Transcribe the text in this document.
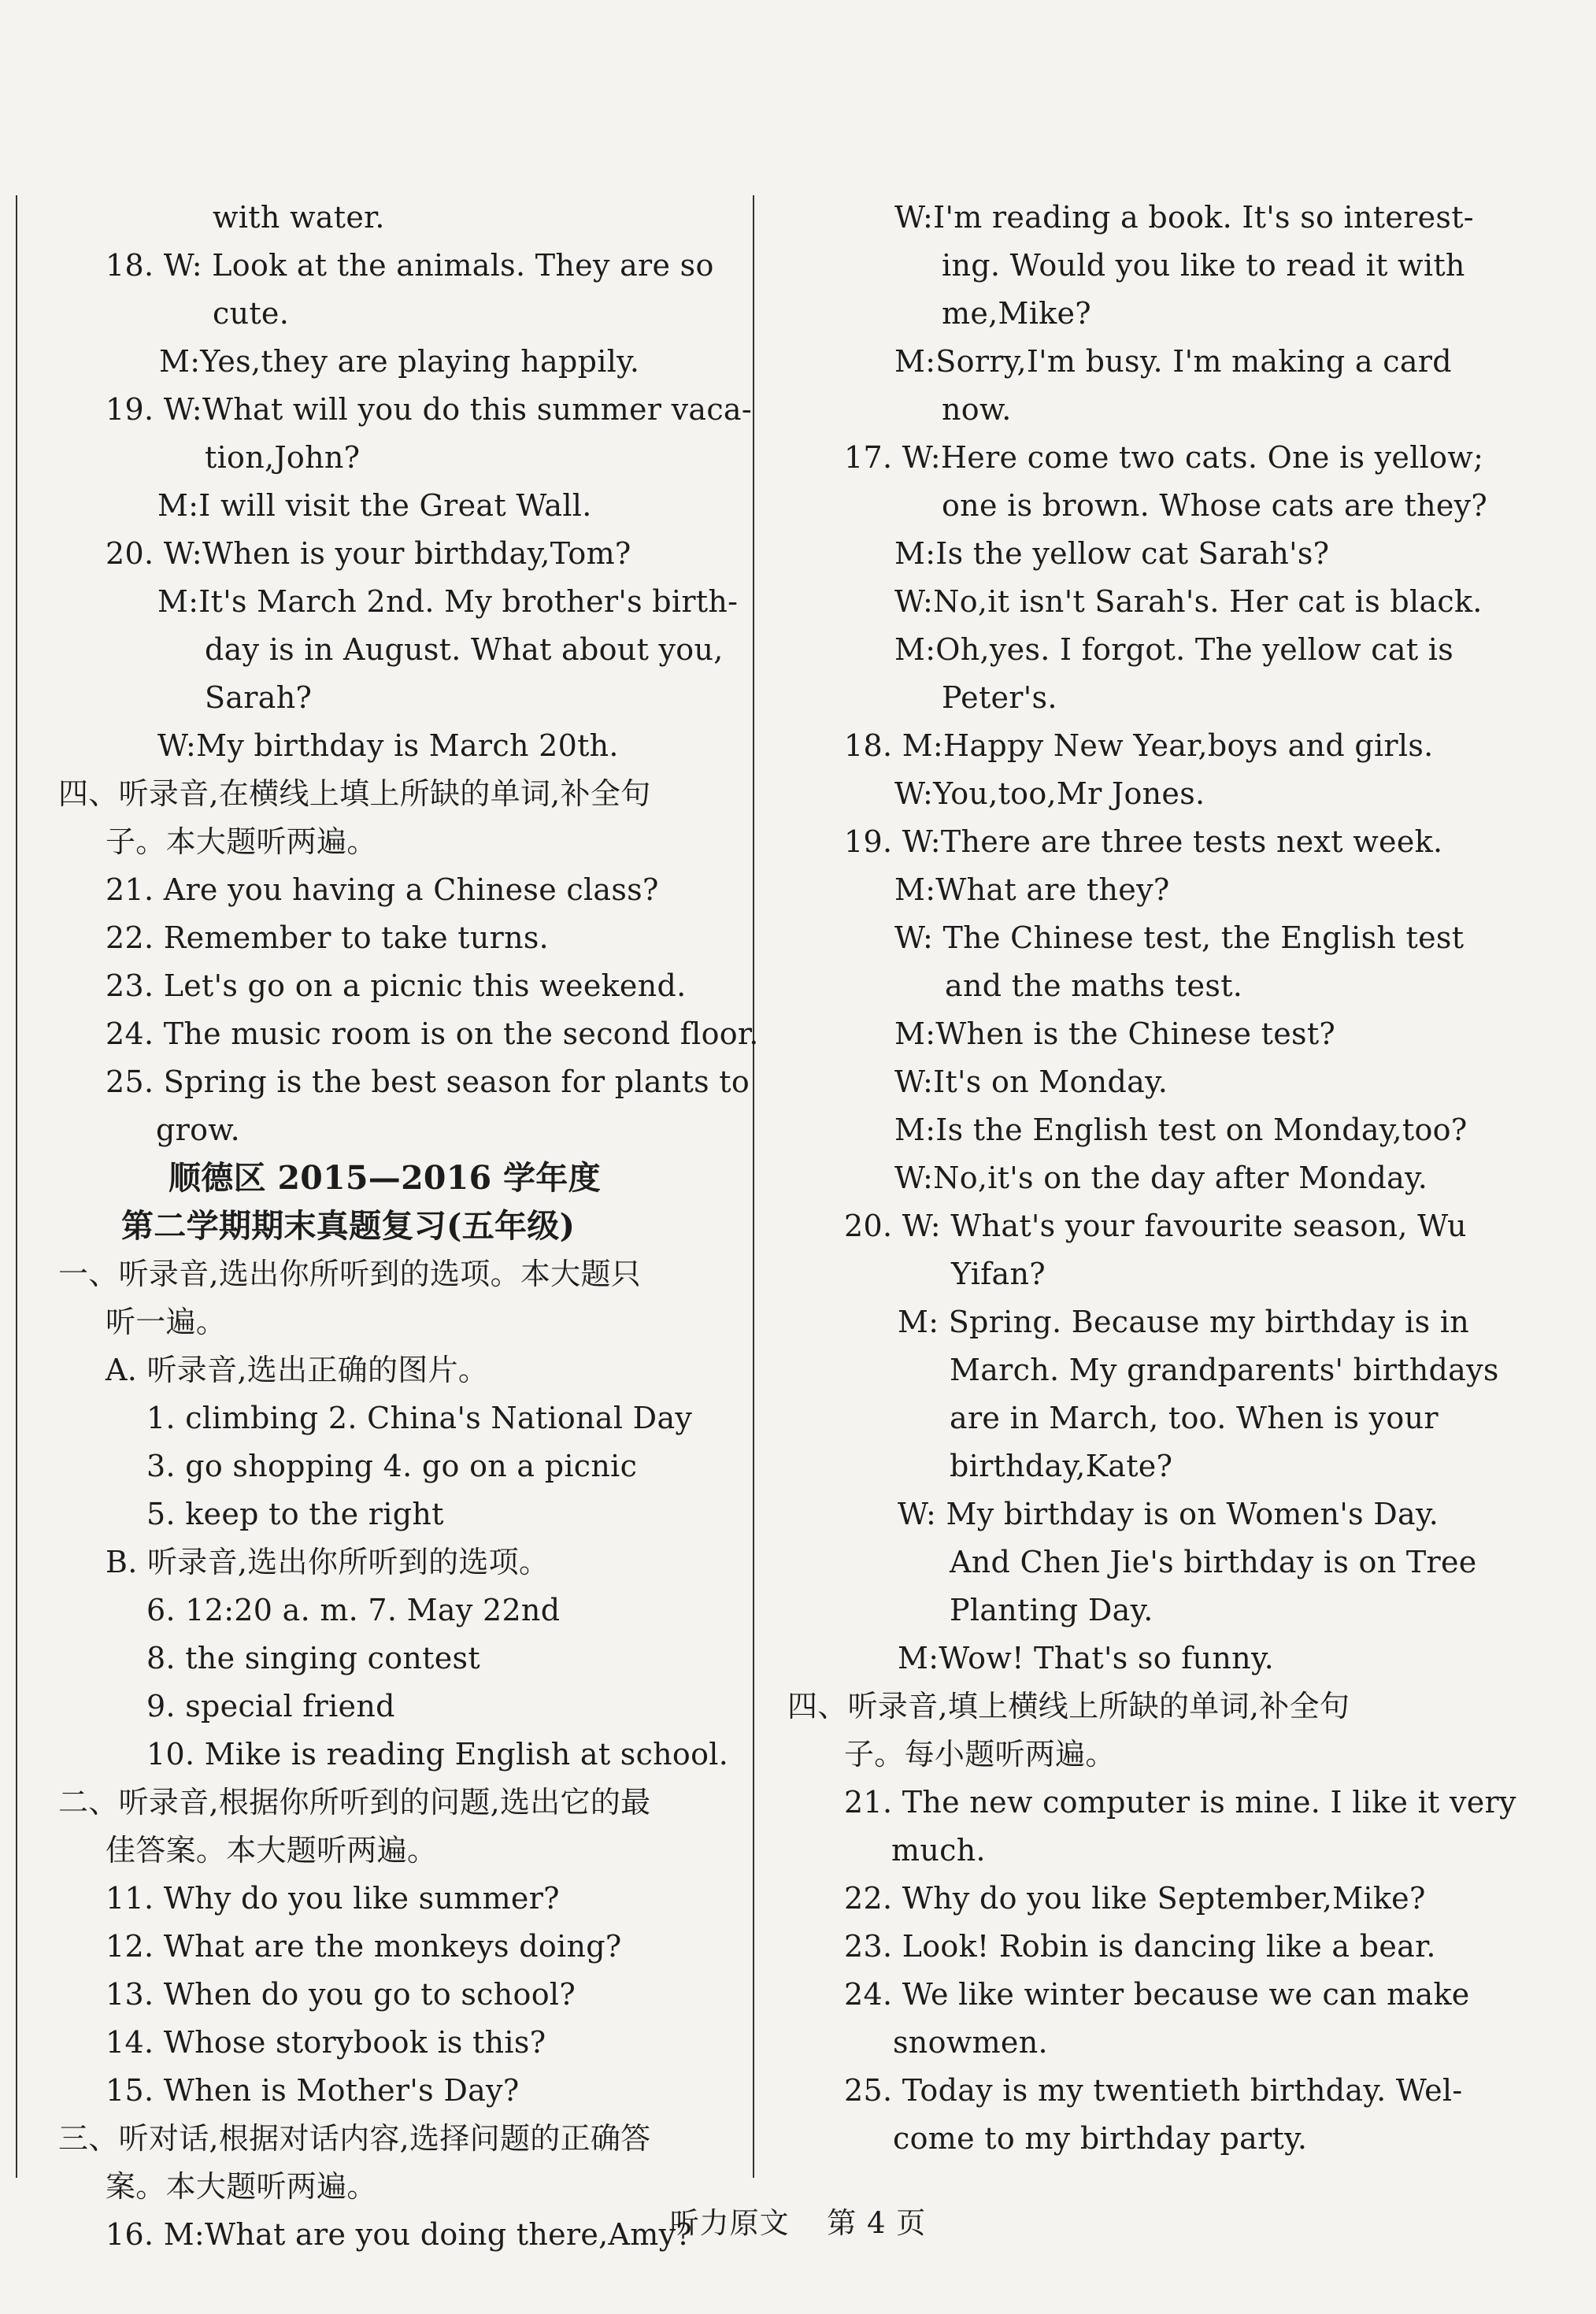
with water.
18. W: Look at the animals. They are so
cute.
M:Yes,they are playing happily.
19. W:What will you do this summer vaca-
tion,John?
M:I will visit the Great Wall.
20. W:When is your birthday,Tom?
M:It's March 2nd. My brother's birth-
day is in August. What about you,
Sarah?
W:My birthday is March 20th.
四、听录音,在横线上填上所缺的单词,补全句
子。本大题听两遍。
21. Are you having a Chinese class?
22. Remember to take turns.
23. Let's go on a picnic this weekend.
24. The music room is on the second floor.
25. Spring is the best season for plants to
grow.
顺德区 2015—2016 学年度
第二学期期末真题复习(五年级)
一、听录音,选出你所听到的选项。本大题只
听一遍。
A. 听录音,选出正确的图片。
1. climbing 2. China's National Day
3. go shopping 4. go on a picnic
5. keep to the right
B. 听录音,选出你所听到的选项。
6. 12:20 a. m. 7. May 22nd
8. the singing contest
9. special friend
10. Mike is reading English at school.
二、听录音,根据你所听到的问题,选出它的最
佳答案。本大题听两遍。
11. Why do you like summer?
12. What are the monkeys doing?
13. When do you go to school?
14. Whose storybook is this?
15. When is Mother's Day?
三、听对话,根据对话内容,选择问题的正确答
案。本大题听两遍。
16. M:What are you doing there,Amy?
W:I'm reading a book. It's so interest-
ing. Would you like to read it with
me,Mike?
M:Sorry,I'm busy. I'm making a card
now.
17. W:Here come two cats. One is yellow;
one is brown. Whose cats are they?
M:Is the yellow cat Sarah's?
W:No,it isn't Sarah's. Her cat is black.
M:Oh,yes. I forgot. The yellow cat is
Peter's.
18. M:Happy New Year,boys and girls.
W:You,too,Mr Jones.
19. W:There are three tests next week.
M:What are they?
W: The Chinese test, the English test
and the maths test.
M:When is the Chinese test?
W:It's on Monday.
M:Is the English test on Monday,too?
W:No,it's on the day after Monday.
20. W: What's your favourite season, Wu
Yifan?
M: Spring. Because my birthday is in
March. My grandparents' birthdays
are in March, too. When is your
birthday,Kate?
W: My birthday is on Women's Day.
And Chen Jie's birthday is on Tree
Planting Day.
M:Wow! That's so funny.
四、听录音,填上横线上所缺的单词,补全句
子。每小题听两遍。
21. The new computer is mine. I like it very
much.
22. Why do you like September,Mike?
23. Look! Robin is dancing like a bear.
24. We like winter because we can make
snowmen.
25. Today is my twentieth birthday. Wel-
come to my birthday party.
听力原文 第 4 页
